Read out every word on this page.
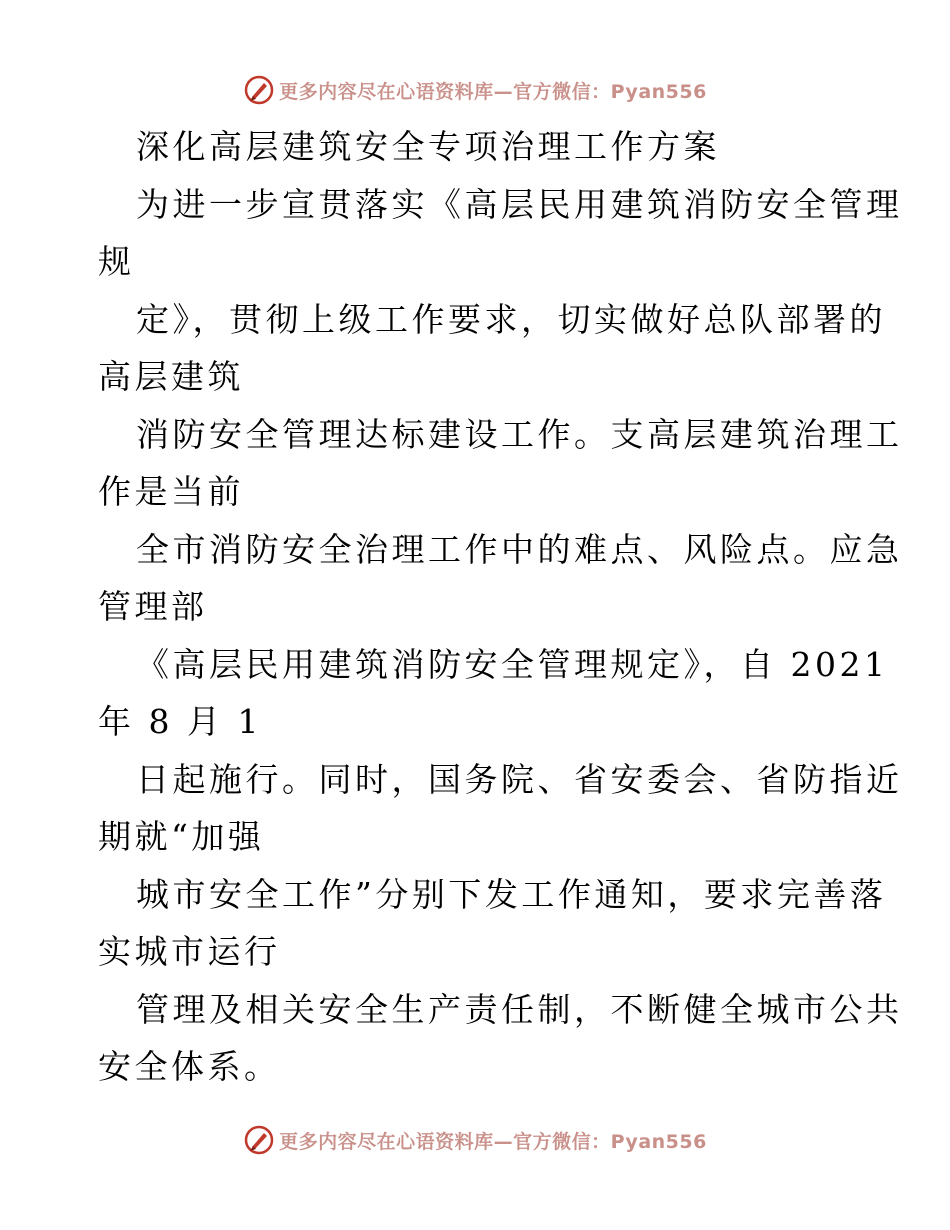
更多内容尽在心语资料库—官方微信：Pyan556
深化高层建筑安全专项治理工作方案
为进一步宣贯落实《高层民用建筑消防安全管理
规
定》，贯彻上级工作要求，切实做好总队部署的
高层建筑
消防安全管理达标建设工作。支高层建筑治理工
作是当前
全市消防安全治理工作中的难点、风险点。应急
管理部
《高层民用建筑消防安全管理规定》，自 2021
年 8 月 1
日起施行。同时，国务院、省安委会、省防指近
期就“加强
城市安全工作”分别下发工作通知，要求完善落
实城市运行
管理及相关安全生产责任制，不断健全城市公共
安全体系。
更多内容尽在心语资料库—官方微信：Pyan556
